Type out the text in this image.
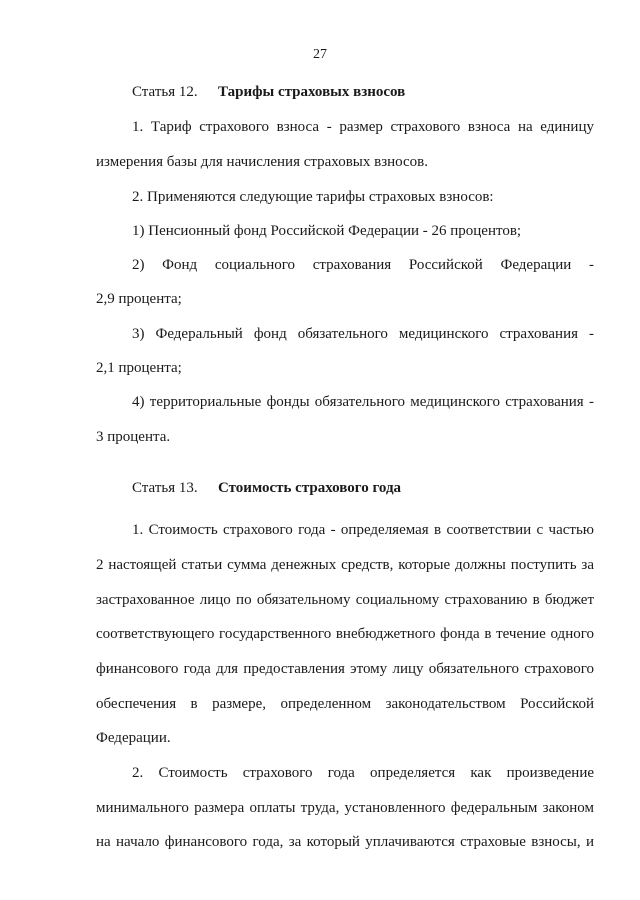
27
Статья 12. Тарифы страховых взносов
1. Тариф страхового взноса - размер страхового взноса на единицу
измерения базы для начисления страховых взносов.
2. Применяются следующие тарифы страховых взносов:
1) Пенсионный фонд Российской Федерации - 26 процентов;
2) Фонд социального страхования Российской Федерации -
2,9 процента;
3) Федеральный фонд обязательного медицинского страхования -
2,1 процента;
4) территориальные фонды обязательного медицинского страхования -
3 процента.
Статья 13. Стоимость страхового года
1. Стоимость страхового года - определяемая в соответствии с частью
2 настоящей статьи сумма денежных средств, которые должны поступить за
застрахованное лицо по обязательному социальному страхованию в бюджет
соответствующего государственного внебюджетного фонда в течение одного
финансового года для предоставления этому лицу обязательного страхового
обеспечения в размере, определенном законодательством Российской
Федерации.
2. Стоимость страхового года определяется как произведение
минимального размера оплаты труда, установленного федеральным законом
на начало финансового года, за который уплачиваются страховые взносы, и
